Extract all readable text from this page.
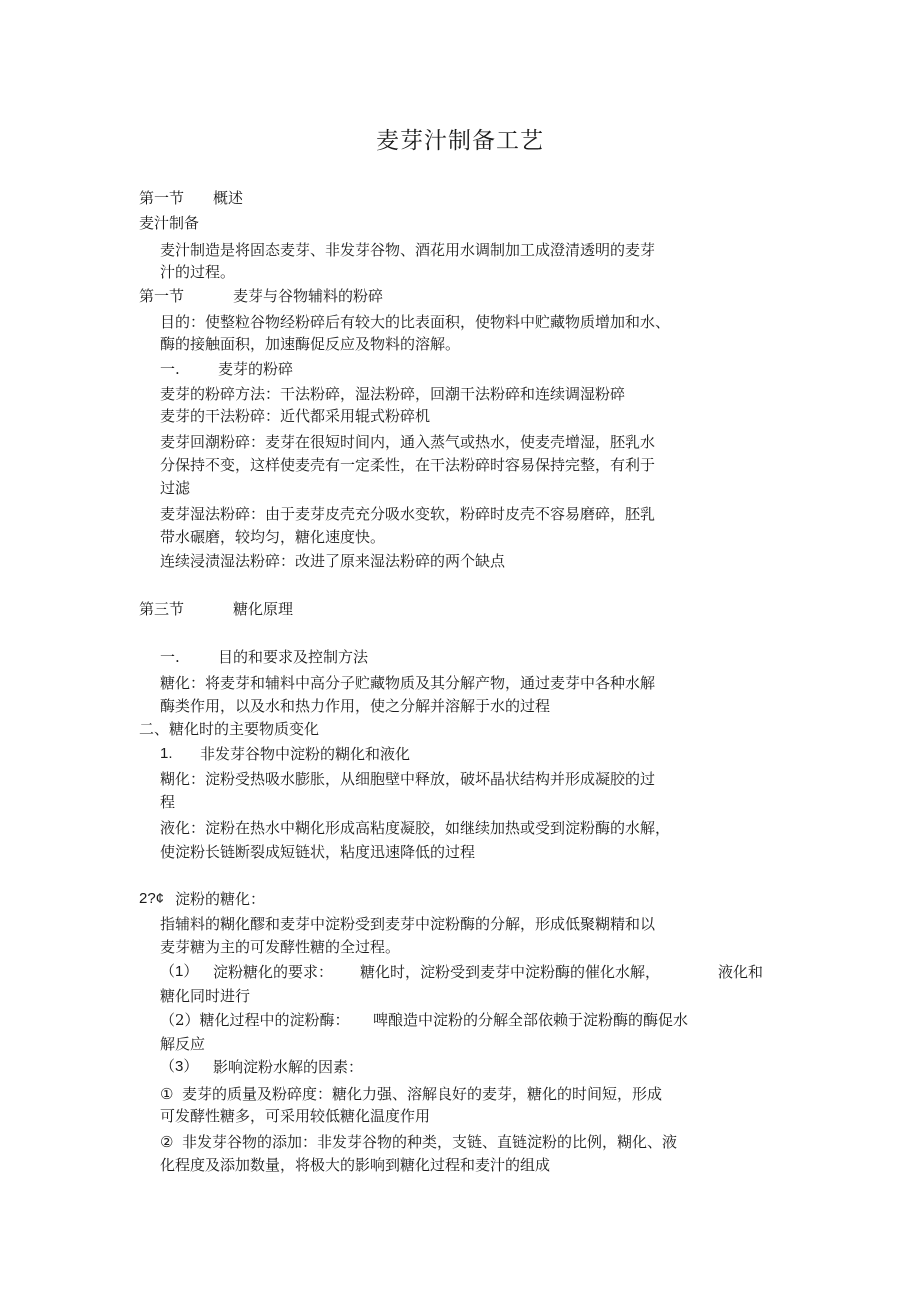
麦芽汁制备工艺
第一节 概述
麦汁制备
麦汁制造是将固态麦芽、非发芽谷物、酒花用水调制加工成澄清透明的麦芽
汁的过程。
第一节	麦芽与谷物辅料的粉碎
目的：使整粒谷物经粉碎后有较大的比表面积，使物料中贮藏物质增加和水、
酶的接触面积，加速酶促反应及物料的溶解。
一.	麦芽的粉碎
麦芽的粉碎方法：干法粉碎，湿法粉碎，回潮干法粉碎和连续调湿粉碎
麦芽的干法粉碎：近代都采用辊式粉碎机
麦芽回潮粉碎：麦芽在很短时间内，通入蒸气或热水，使麦壳增湿，胚乳水
分保持不变，这样使麦壳有一定柔性，在干法粉碎时容易保持完整，有利于
过滤
麦芽湿法粉碎：由于麦芽皮壳充分吸水变软，粉碎时皮壳不容易磨碎，胚乳
带水碾磨，较均匀，糖化速度快。
连续浸渍湿法粉碎：改进了原来湿法粉碎的两个缺点
第三节	糖化原理
一.	目的和要求及控制方法
糖化：将麦芽和辅料中高分子贮藏物质及其分解产物，通过麦芽中各种水解
酶类作用，以及水和热力作用，使之分解并溶解于水的过程
二、糖化时的主要物质变化
1. 非发芽谷物中淀粉的糊化和液化
糊化：淀粉受热吸水膨胀，从细胞壁中释放，破坏晶状结构并形成凝胶的过
程
液化：淀粉在热水中糊化形成高粘度凝胶，如继续加热或受到淀粉酶的水解，
使淀粉长链断裂成短链状，粘度迅速降低的过程
2?¢ 淀粉的糖化：
指辅料的糊化醪和麦芽中淀粉受到麦芽中淀粉酶的分解，形成低聚糊精和以
麦芽糖为主的可发酵性糖的全过程。
（1） 淀粉糖化的要求： 糖化时，淀粉受到麦芽中淀粉酶的催化水解，	液化和
糖化同时进行
（2）糖化过程中的淀粉酶： 啤酿造中淀粉的分解全部依赖于淀粉酶的酶促水
解反应
（3） 影响淀粉水解的因素：
① 麦芽的质量及粉碎度：糖化力强、溶解良好的麦芽，糖化的时间短，形成
可发酵性糖多，可采用较低糖化温度作用
② 非发芽谷物的添加：非发芽谷物的种类，支链、直链淀粉的比例，糊化、液
化程度及添加数量，将极大的影响到糖化过程和麦汁的组成
